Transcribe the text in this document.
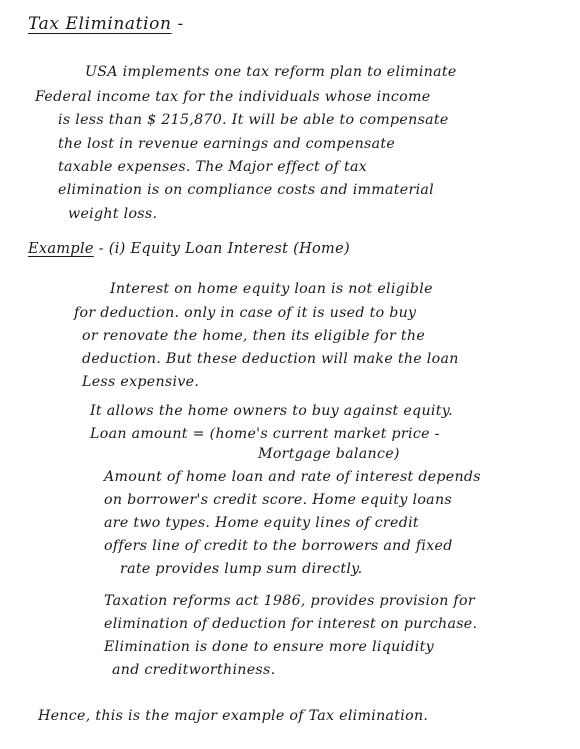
Tax Elimination -
USA implements one tax reform plan to eliminate
Federal income tax for the individuals whose income
is less than $ 215,870. It will be able to compensate
the lost in revenue earnings and compensate
taxable expenses. The Major effect of tax
elimination is on compliance costs and immaterial
weight loss.
Example - (i) Equity Loan Interest (Home)
Interest on home equity loan is not eligible
for deduction. only in case of it is used to buy
or renovate the home, then its eligible for the
deduction. But these deduction will make the loan
Less expensive.
It allows the home owners to buy against equity.
Loan amount = (home's current market price -
Mortgage balance)
Amount of home loan and rate of interest depends
on borrower's credit score. Home equity loans
are two types. Home equity lines of credit
offers line of credit to the borrowers and fixed
rate provides lump sum directly.
Taxation reforms act 1986, provides provision for
elimination of deduction for interest on purchase.
Elimination is done to ensure more liquidity
and creditworthiness.
Hence, this is the major example of Tax elimination.
